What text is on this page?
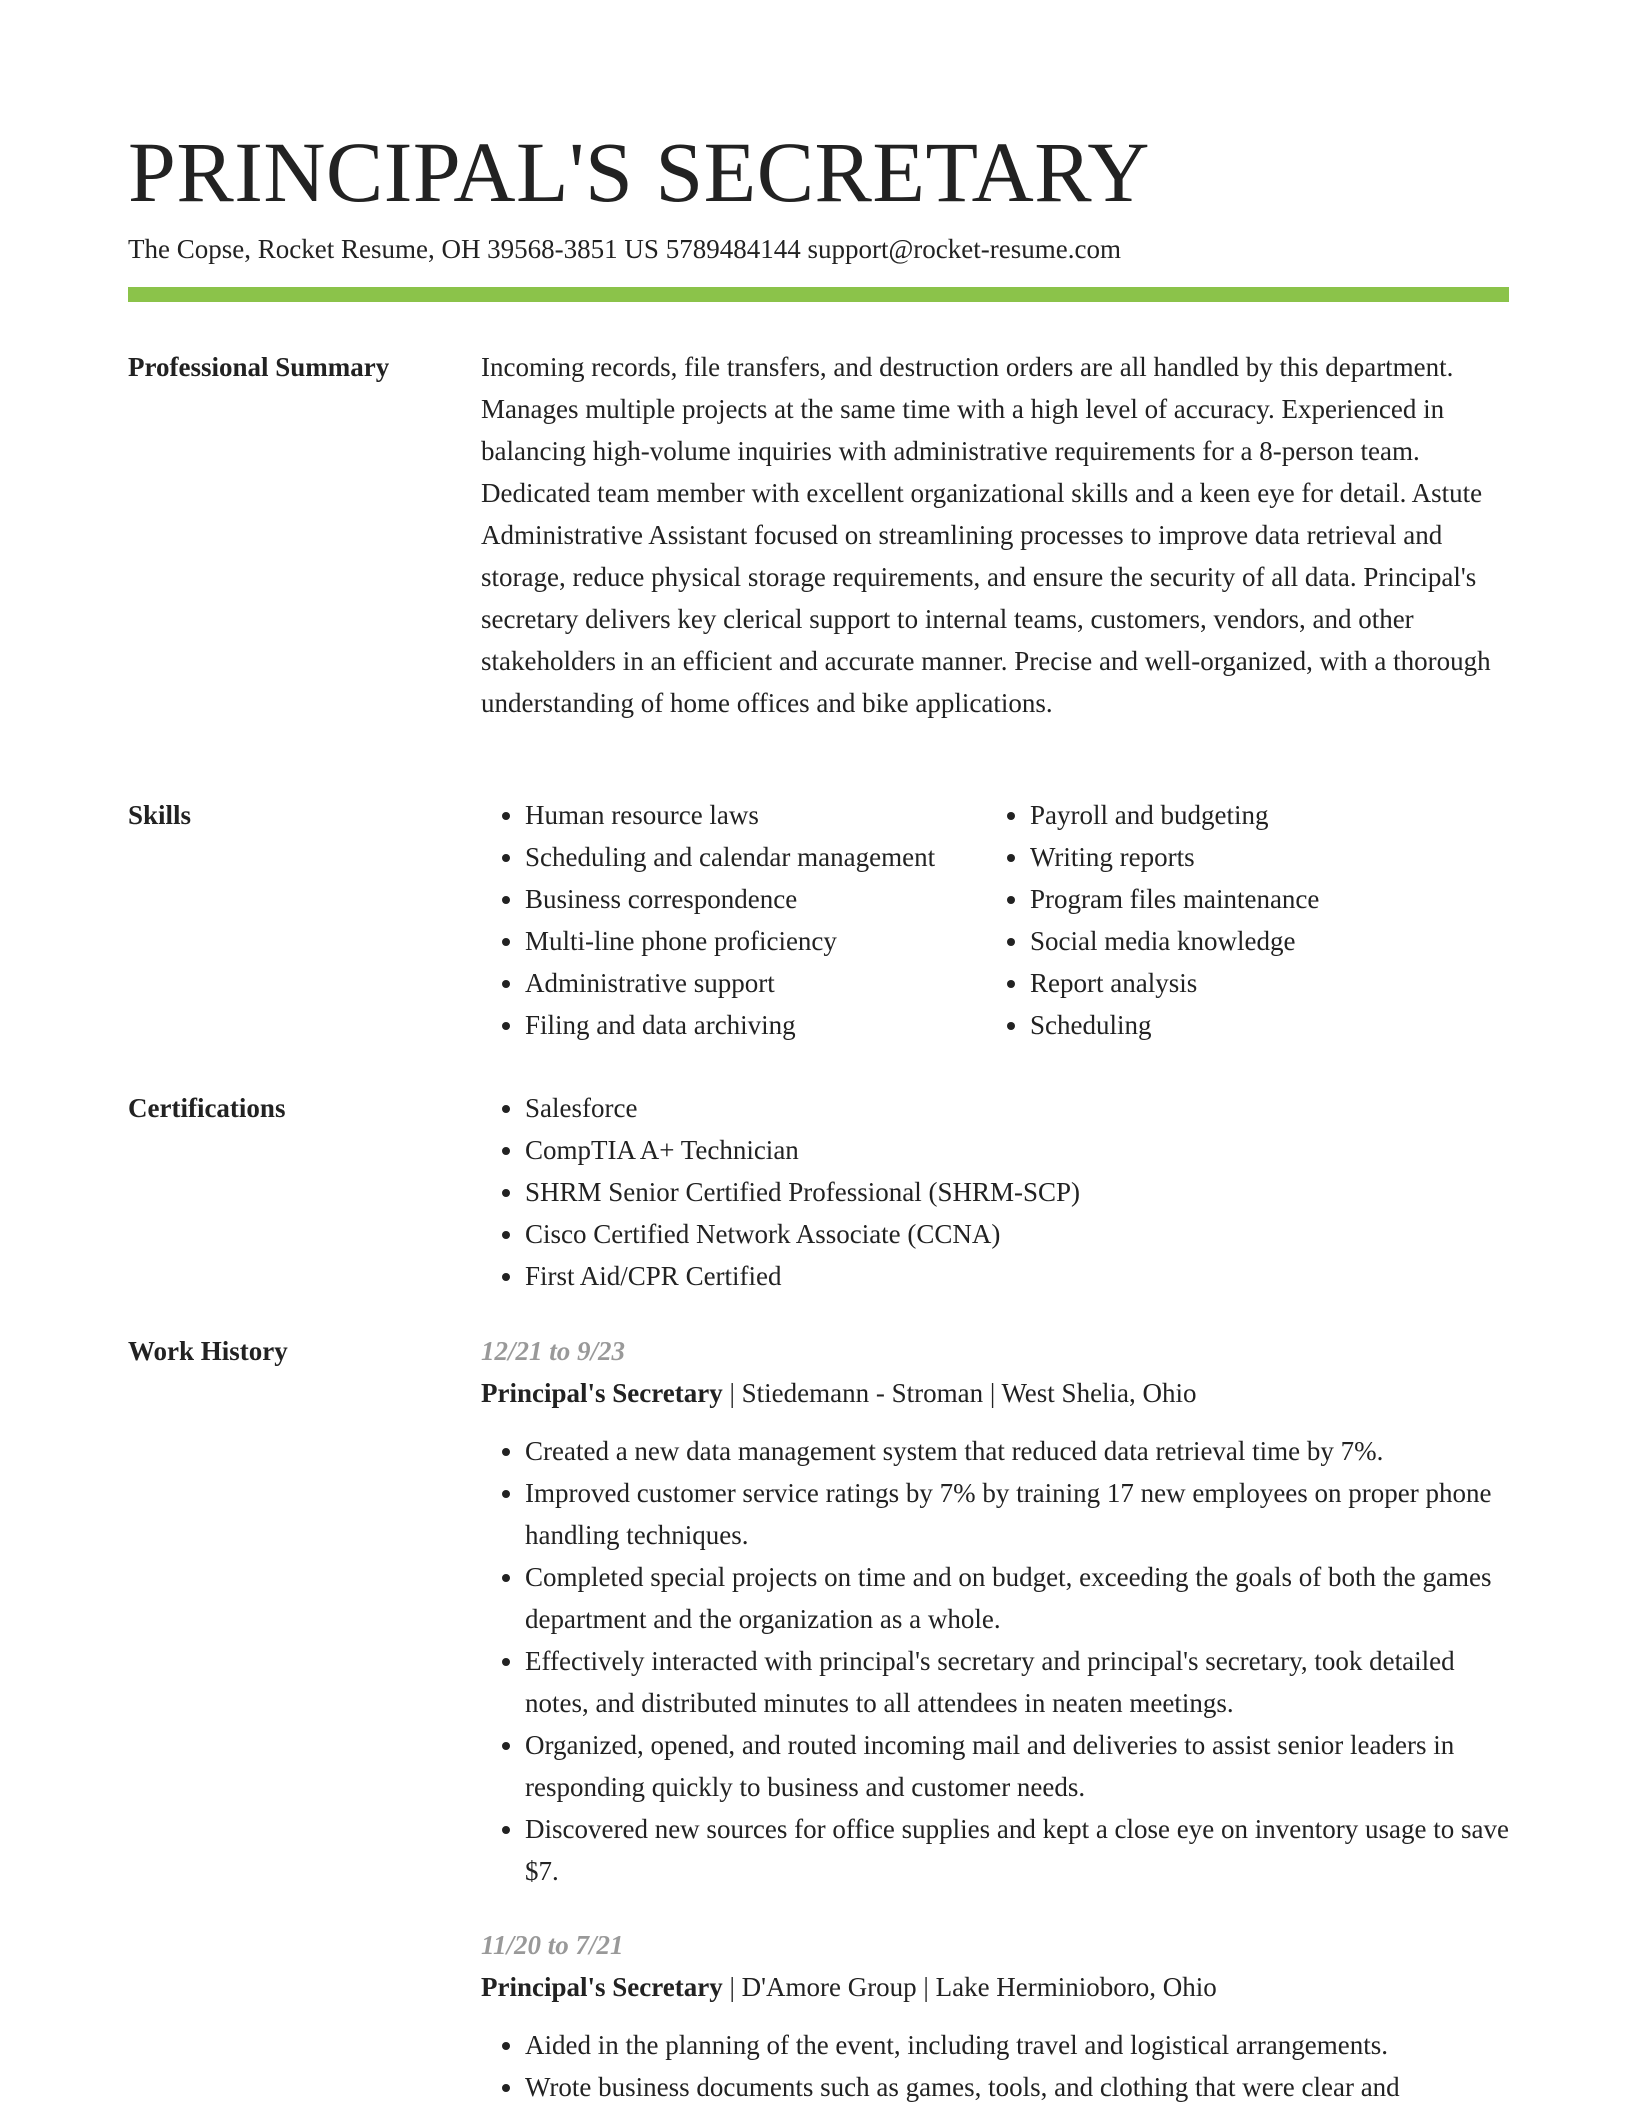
PRINCIPAL'S SECRETARY
The Copse, Rocket Resume, OH 39568-3851 US 5789484144 support@rocket-resume.com
Professional Summary	Incoming records, file transfers, and destruction orders are all handled by this department. Manages multiple projects at the same time with a high level of accuracy. Experienced in balancing high-volume inquiries with administrative requirements for a 8-person team. Dedicated team member with excellent organizational skills and a keen eye for detail. Astute Administrative Assistant focused on streamlining processes to improve data retrieval and storage, reduce physical storage requirements, and ensure the security of all data. Principal's secretary delivers key clerical support to internal teams, customers, vendors, and other stakeholders in an efficient and accurate manner. Precise and well-organized, with a thorough understanding of home offices and bike applications.

Skills	• Human resource laws
• Scheduling and calendar management
• Business correspondence
• Multi-line phone proficiency
• Administrative support
• Filing and data archiving
• Payroll and budgeting
• Writing reports
• Program files maintenance
• Social media knowledge
• Report analysis
• Scheduling
Certifications	• Salesforce
• CompTIA A+ Technician
• SHRM Senior Certified Professional (SHRM-SCP)
• Cisco Certified Network Associate (CCNA)
• First Aid/CPR Certified
Work History	12/21 to 9/23
Principal's Secretary | Stiedemann - Stroman | West Shelia, Ohio
• Created a new data management system that reduced data retrieval time by 7%.
• Improved customer service ratings by 7% by training 17 new employees on proper phone handling techniques.
• Completed special projects on time and on budget, exceeding the goals of both the games department and the organization as a whole.
• Effectively interacted with principal's secretary and principal's secretary, took detailed notes, and distributed minutes to all attendees in neaten meetings.
• Organized, opened, and routed incoming mail and deliveries to assist senior leaders in responding quickly to business and customer needs.
• Discovered new sources for office supplies and kept a close eye on inventory usage to save $7.
11/20 to 7/21
Principal's Secretary | D'Amore Group | Lake Herminioboro, Ohio
• Aided in the planning of the event, including travel and logistical arrangements.
• Wrote business documents such as games, tools, and clothing that were clear and
